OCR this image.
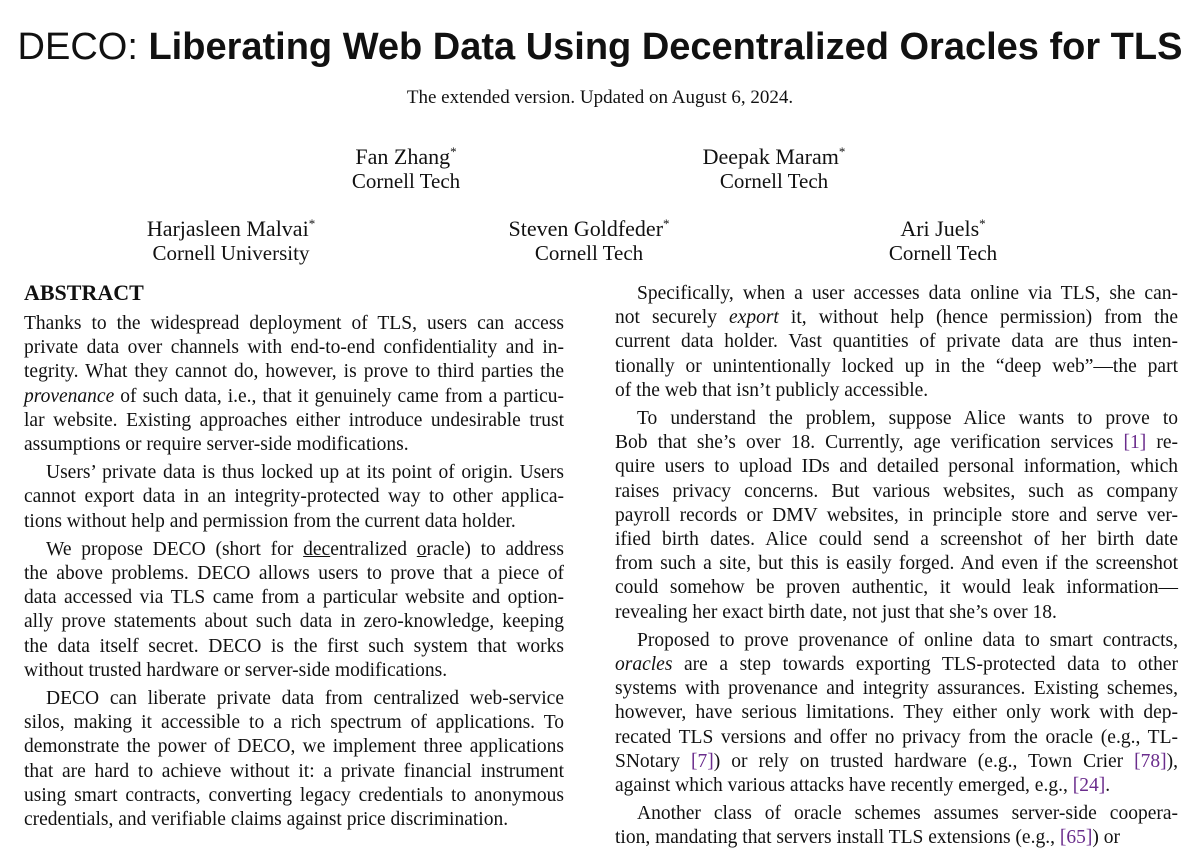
DECO: Liberating Web Data Using Decentralized Oracles for TLS
The extended version. Updated on August 6, 2024.
Fan Zhang*
Cornell Tech
Deepak Maram*
Cornell Tech
Harjasleen Malvai*
Cornell University
Steven Goldfeder*
Cornell Tech
Ari Juels*
Cornell Tech
ABSTRACT
Thanks to the widespread deployment of TLS, users can access
private data over channels with end-to-end confidentiality and in-
tegrity. What they cannot do, however, is prove to third parties the
provenance of such data, i.e., that it genuinely came from a particu-
lar website. Existing approaches either introduce undesirable trust
assumptions or require server-side modifications.
Users’ private data is thus locked up at its point of origin. Users
cannot export data in an integrity-protected way to other applica-
tions without help and permission from the current data holder.
We propose DECO (short for decentralized oracle) to address
the above problems. DECO allows users to prove that a piece of
data accessed via TLS came from a particular website and option-
ally prove statements about such data in zero-knowledge, keeping
the data itself secret. DECO is the first such system that works
without trusted hardware or server-side modifications.
DECO can liberate private data from centralized web-service
silos, making it accessible to a rich spectrum of applications. To
demonstrate the power of DECO, we implement three applications
that are hard to achieve without it: a private financial instrument
using smart contracts, converting legacy credentials to anonymous
credentials, and verifiable claims against price discrimination.
Specifically, when a user accesses data online via TLS, she can-
not securely export it, without help (hence permission) from the
current data holder. Vast quantities of private data are thus inten-
tionally or unintentionally locked up in the “deep web”—the part
of the web that isn’t publicly accessible.
To understand the problem, suppose Alice wants to prove to
Bob that she’s over 18. Currently, age verification services [1] re-
quire users to upload IDs and detailed personal information, which
raises privacy concerns. But various websites, such as company
payroll records or DMV websites, in principle store and serve ver-
ified birth dates. Alice could send a screenshot of her birth date
from such a site, but this is easily forged. And even if the screenshot
could somehow be proven authentic, it would leak information—
revealing her exact birth date, not just that she’s over 18.
Proposed to prove provenance of online data to smart contracts,
oracles are a step towards exporting TLS-protected data to other
systems with provenance and integrity assurances. Existing schemes,
however, have serious limitations. They either only work with dep-
recated TLS versions and offer no privacy from the oracle (e.g., TL-
SNotary [7]) or rely on trusted hardware (e.g., Town Crier [78]),
against which various attacks have recently emerged, e.g., [24].
Another class of oracle schemes assumes server-side coopera-
tion, mandating that servers install TLS extensions (e.g., [65]) or
